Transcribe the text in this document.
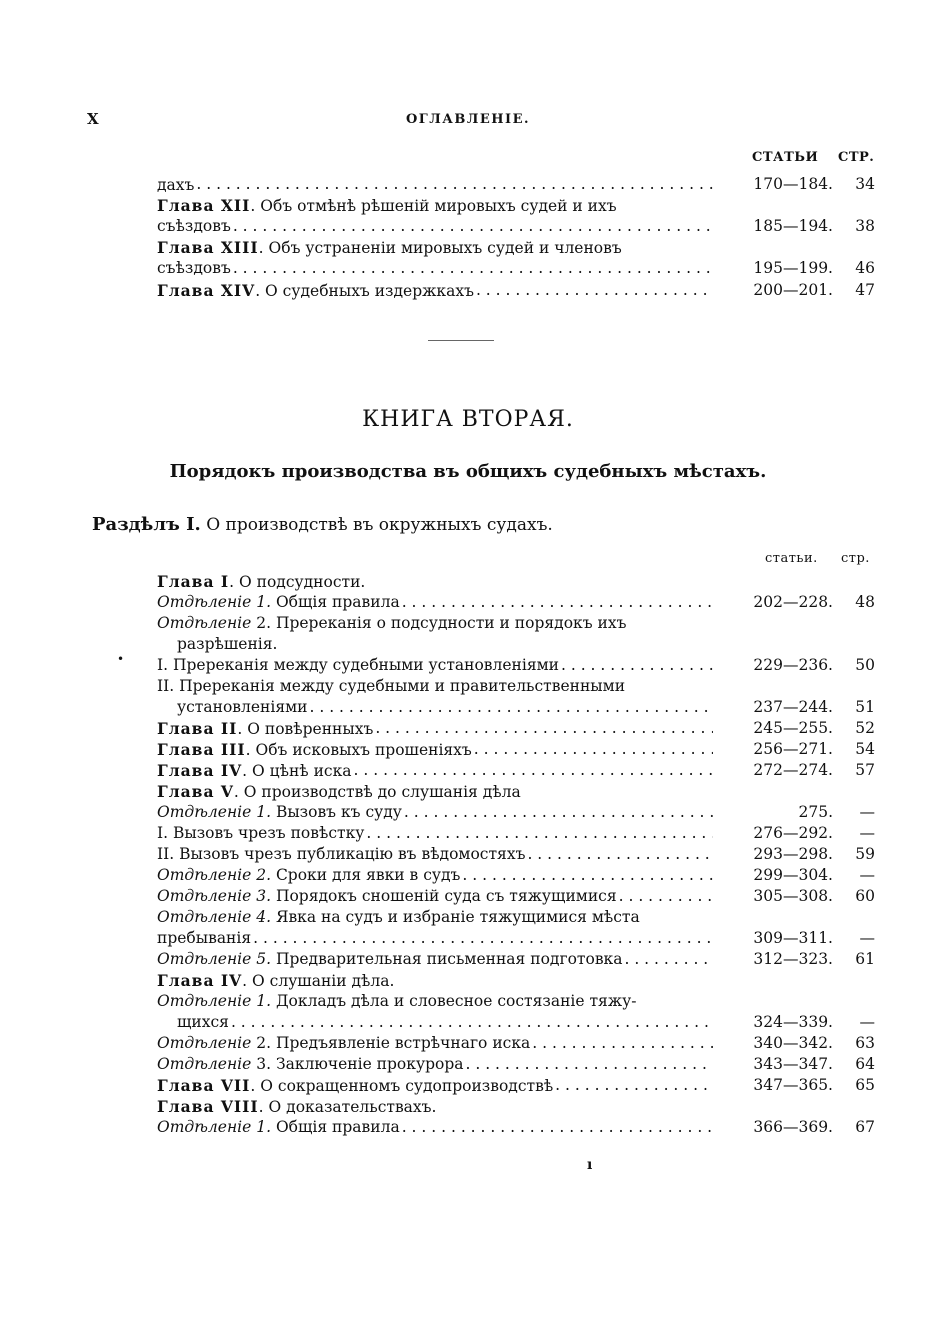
X	ОГЛАВЛЕНІЕ.
СТАТЬИ СТР.
дахъ . . .	170—184.	34
Глава XII. Объ отмѣнѣ рѣшеній мировыхъ судей и ихъ
съѣздовъ . . .	185—194.	38
Глава XIII. Объ устраненіи мировыхъ судей и членовъ
съѣздовъ . . .	195—199.	46
Глава XIV. О судебныхъ издержкахъ . . .	200—201.	47
КНИГА ВТОРАЯ.
Порядокъ производства въ общихъ судебныхъ мѣстахъ.
Раздѣлъ I. О производствѣ въ окружныхъ судахъ.
статьи. стр.
•
Глава I. О подсудности.
Отдѣленіе 1. Общія правила . . .	202—228.	48
Отдѣленіе 2. Пререканія о подсудности и порядокъ ихъ
разрѣшенія.
I. Пререканія между судебными установленіями . . .	229—236.	50
II. Пререканія между судебными и правительственными
установленіями . . .	237—244.	51
Глава II. О повѣренныхъ . . .	245—255.	52
Глава III. Объ исковыхъ прошеніяхъ . . .	256—271.	54
Глава IV. О цѣнѣ иска . . .	272—274.	57
Глава V. О производствѣ до слушанія дѣла
Отдѣленіе 1. Вызовъ къ суду . . .	275.	—
I. Вызовъ чрезъ повѣстку . . .	276—292.	—
II. Вызовъ чрезъ публикацію въ вѣдомостяхъ . . .	293—298.	59
Отдѣленіе 2. Сроки для явки в судъ . . .	299—304.	—
Отдѣленіе 3. Порядокъ сношеній суда съ тяжущимися . . .	305—308.	60
Отдѣленіе 4. Явка на судъ и избраніе тяжущимися мѣста
пребыванія . . .	309—311.	—
Отдѣленіе 5. Предварительная письменная подготовка . . .	312—323.	61
Глава IV. О слушаніи дѣла.
Отдѣленіе 1. Докладъ дѣла и словесное состязаніе тяжу-
щихся . . .	324—339.	—
Отдѣленіе 2. Предъявленіе встрѣчнаго иска . . .	340—342.	63
Отдѣленіе 3. Заключеніе прокурора . . .	343—347.	64
Глава VII. О сокращенномъ судопроизводствѣ . . .	347—365.	65
Глава VIII. О доказательствахъ.
Отдѣленіе 1. Общія правила . . .	366—369.	67
ı
